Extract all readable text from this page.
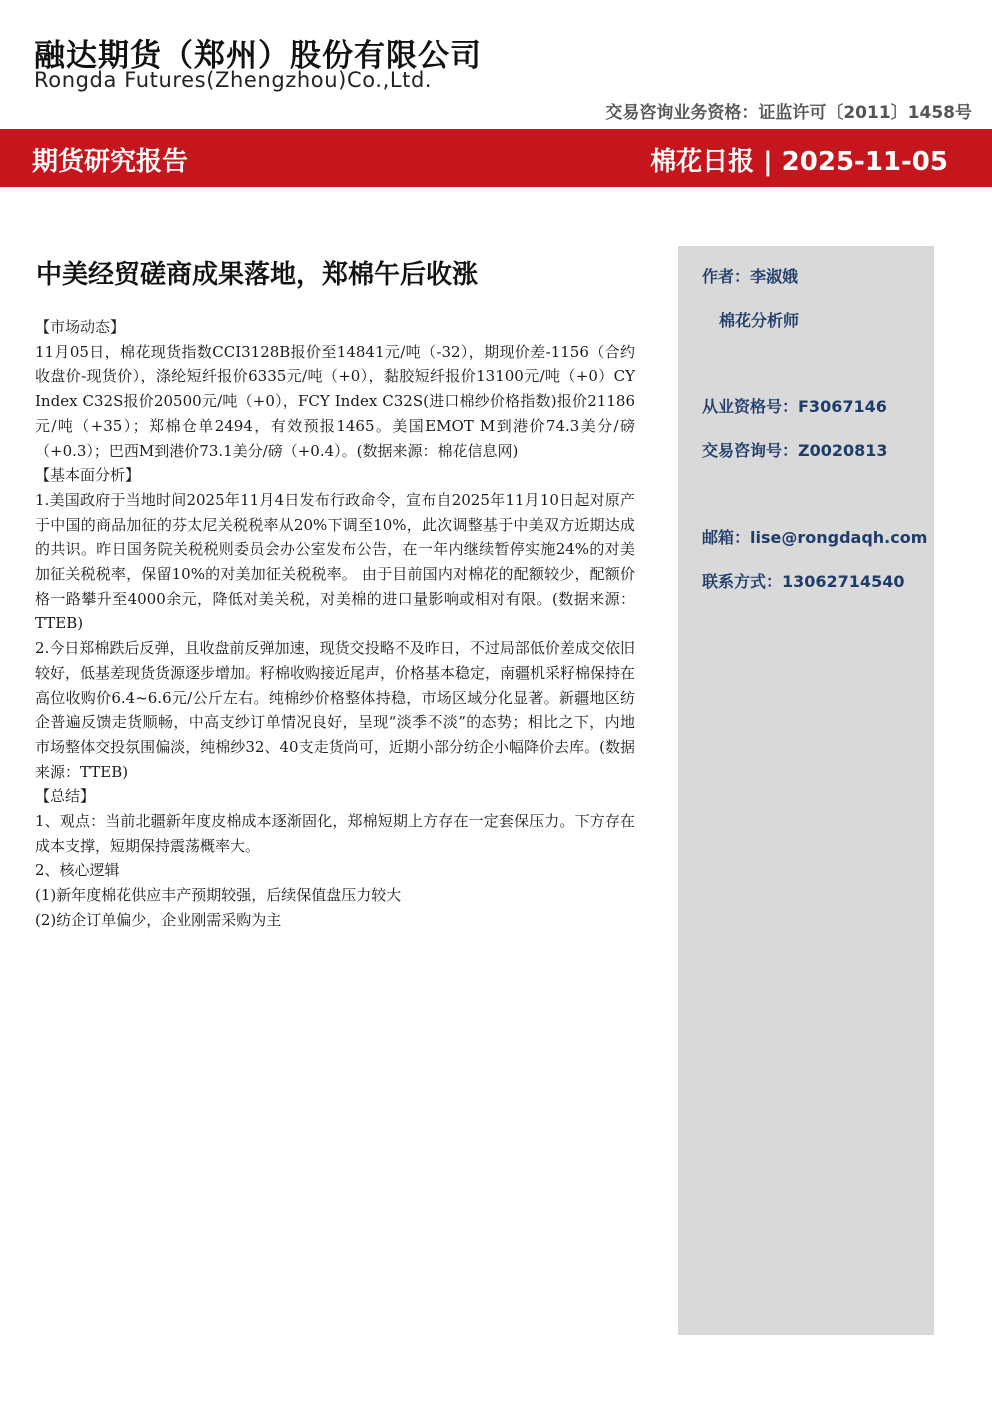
融达期货（郑州）股份有限公司
Rongda Futures(Zhengzhou)Co.,Ltd.
交易咨询业务资格：证监许可〔2011〕1458号
期货研究报告	棉花日报 | 2025-11-05
中美经贸磋商成果落地，郑棉午后收涨

【市场动态】

11月05日，棉花现货指数CCI3128B报价至14841元/吨（-32），期现价差-1156（合约收盘价-现货价），涤纶短纤报价6335元/吨（+0），黏胶短纤报价13100元/吨（+0）CY Index C32S报价20500元/吨（+0），FCY Index C32S(进口棉纱价格指数)报价21186元/吨（+35）；郑棉仓单2494，有效预报1465。美国EMOT M到港价74.3美分/磅（+0.3）；巴西M到港价73.1美分/磅（+0.4）。(数据来源：棉花信息网)

【基本面分析】

1.美国政府于当地时间2025年11月4日发布行政命令，宣布自2025年11月10日起对原产于中国的商品加征的芬太尼关税税率从20%下调至10%，此次调整基于中美双方近期达成的共识。昨日国务院关税税则委员会办公室发布公告，在一年内继续暂停实施24%的对美加征关税税率，保留10%的对美加征关税税率。 由于目前国内对棉花的配额较少，配额价格一路攀升至4000余元，降低对美关税，对美棉的进口量影响或相对有限。(数据来源：TTEB)

2.今日郑棉跌后反弹，且收盘前反弹加速，现货交投略不及昨日，不过局部低价差成交依旧较好，低基差现货货源逐步增加。籽棉收购接近尾声，价格基本稳定，南疆机采籽棉保持在高位收购价6.4~6.6元/公斤左右。纯棉纱价格整体持稳，市场区域分化显著。新疆地区纺企普遍反馈走货顺畅，中高支纱订单情况良好，呈现“淡季不淡”的态势；相比之下，内地市场整体交投氛围偏淡，纯棉纱32、40支走货尚可，近期小部分纺企小幅降价去库。(数据来源：TTEB)

【总结】

1、观点：当前北疆新年度皮棉成本逐渐固化，郑棉短期上方存在一定套保压力。下方存在成本支撑，短期保持震荡概率大。

2、核心逻辑

(1)新年度棉花供应丰产预期较强，后续保值盘压力较大

(2)纺企订单偏少，企业刚需采购为主

作者：李淑娥
棉花分析师
从业资格号：F3067146
交易咨询号：Z0020813
邮箱：lise@rongdaqh.com
联系方式：13062714540
